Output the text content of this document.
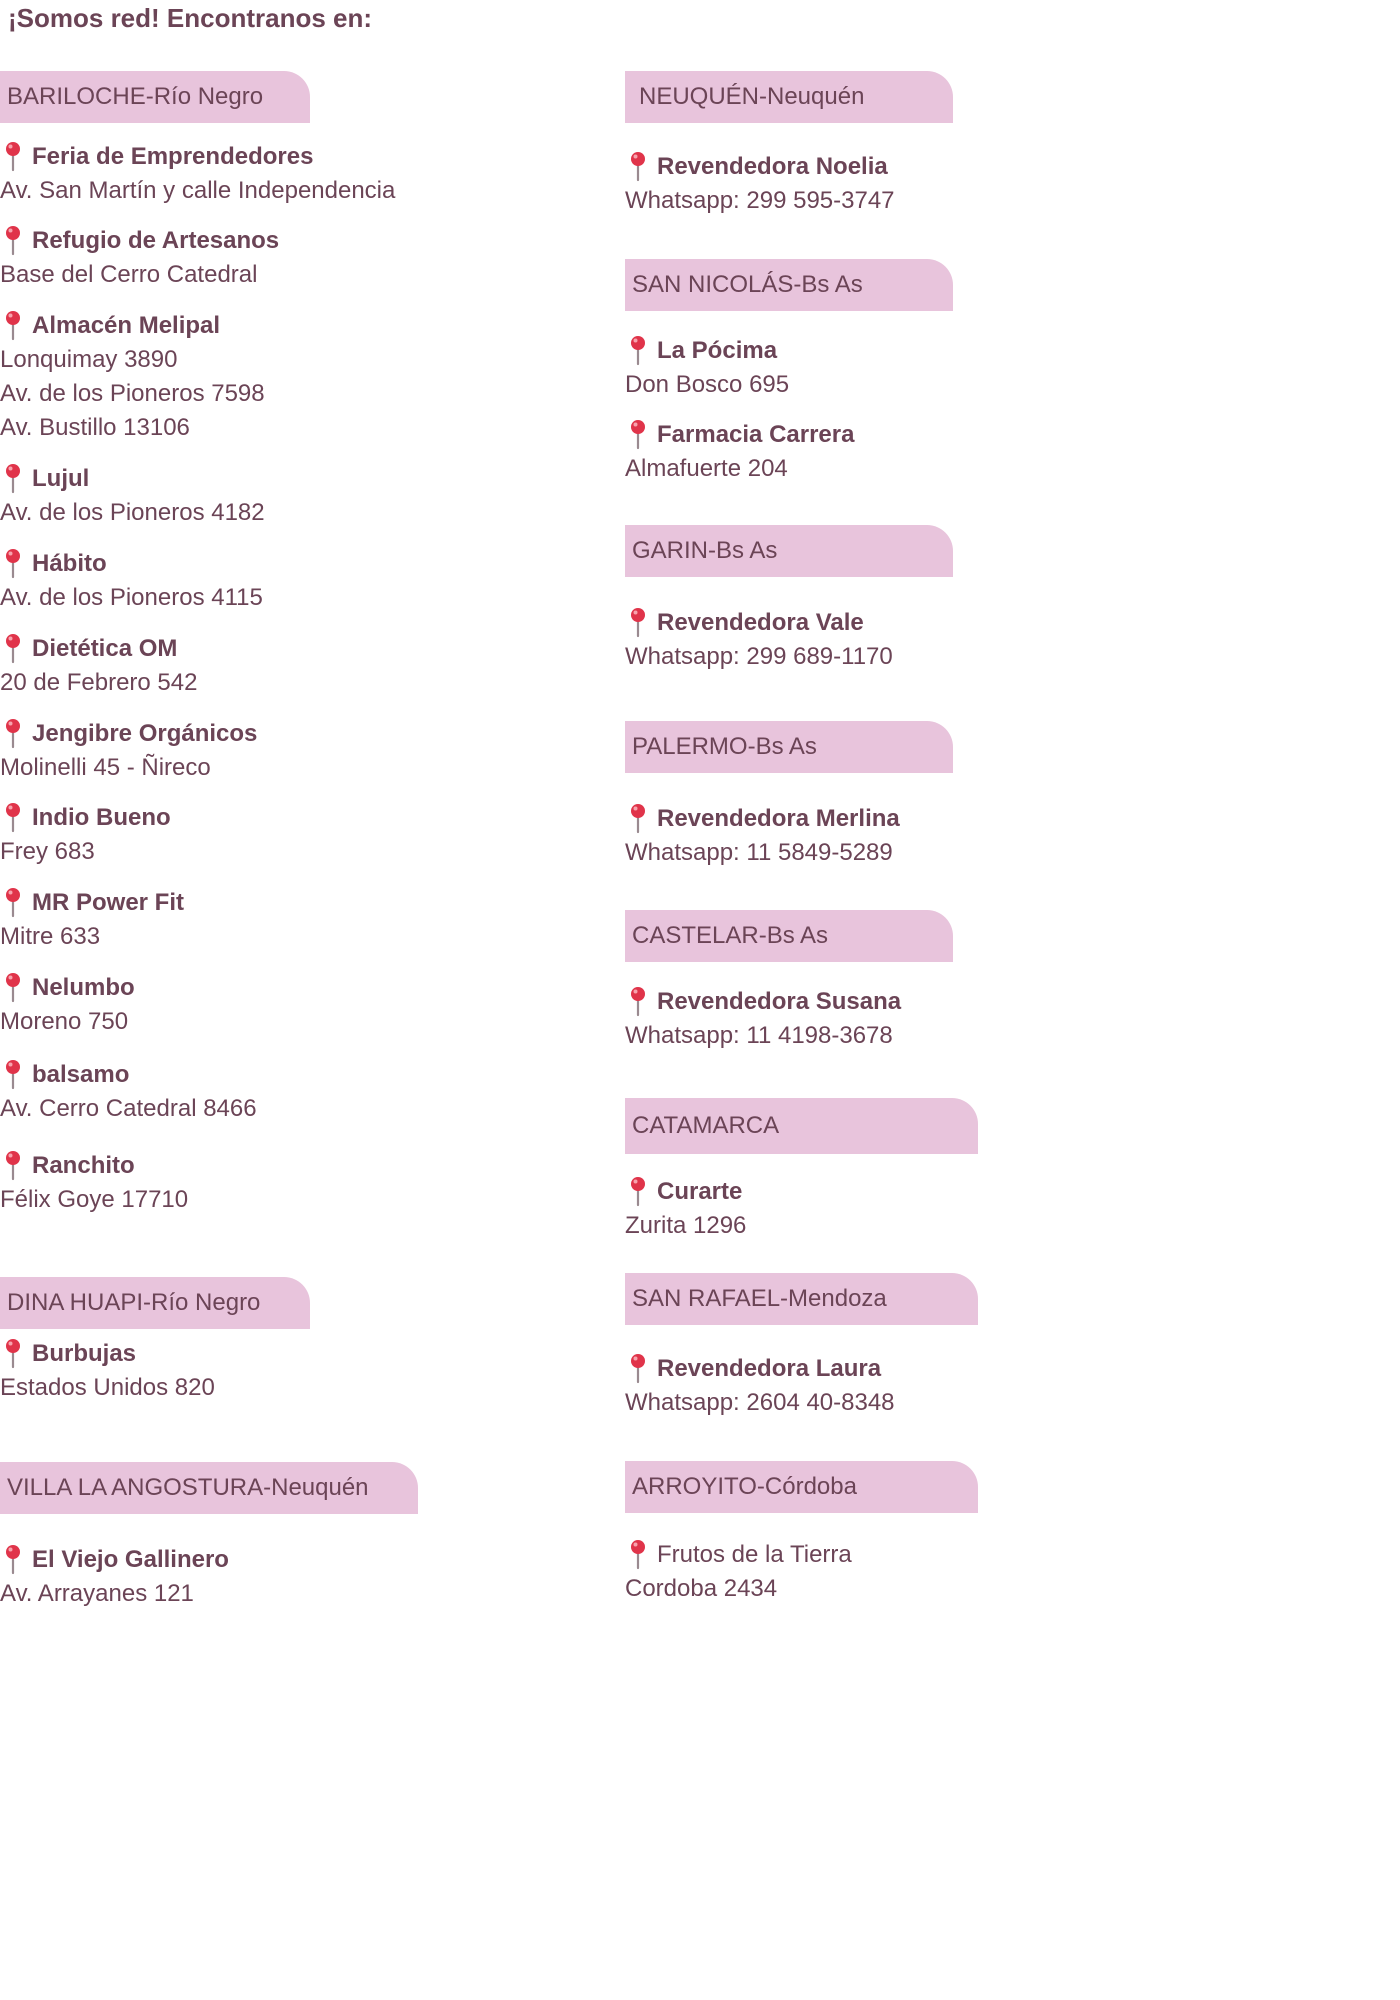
¡Somos red! Encontranos en:
BARILOCHE-Río Negro
Feria de Emprendedores
Av. San Martín y calle Independencia
Refugio de Artesanos
Base del Cerro Catedral
Almacén Melipal
Lonquimay 3890
Av. de los Pioneros 7598
Av. Bustillo 13106
Lujul
Av. de los Pioneros 4182
Hábito
Av. de los Pioneros 4115
Dietética OM
20 de Febrero 542
Jengibre Orgánicos
Molinelli 45 - Ñireco
Indio Bueno
Frey 683
MR Power Fit
Mitre 633
Nelumbo
Moreno 750
balsamo
Av. Cerro Catedral 8466
Ranchito
Félix Goye 17710
DINA HUAPI-Río Negro
Burbujas
Estados Unidos 820
VILLA LA ANGOSTURA-Neuquén
El Viejo Gallinero
Av. Arrayanes 121
NEUQUÉN-Neuquén
Revendedora Noelia
Whatsapp: 299 595-3747
SAN NICOLÁS-Bs As
La Pócima
Don Bosco 695
Farmacia Carrera
Almafuerte 204
GARIN-Bs As
Revendedora Vale
Whatsapp: 299 689-1170
PALERMO-Bs As
Revendedora Merlina
Whatsapp: 11 5849-5289
CASTELAR-Bs As
Revendedora Susana
Whatsapp: 11 4198-3678
CATAMARCA
Curarte
Zurita 1296
SAN RAFAEL-Mendoza
Revendedora Laura
Whatsapp: 2604 40-8348
ARROYITO-Córdoba
Frutos de la Tierra
Cordoba 2434
